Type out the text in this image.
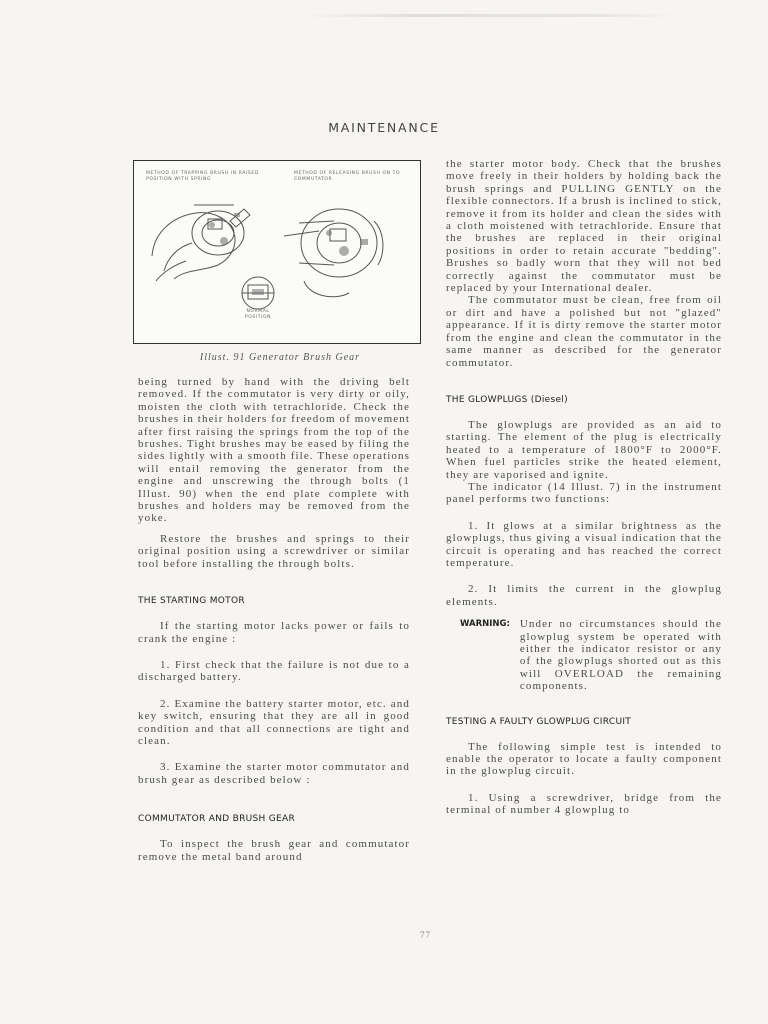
MAINTENANCE
METHOD OF TRAPPING BRUSH IN RAISED POSITION WITH SPRING
METHOD OF RELEASING BRUSH ON TO COMMUTATOR
NORMAL POSITION
Illust. 91 Generator Brush Gear

being turned by hand with the driving belt removed. If the commutator is very dirty or oily, moisten the cloth with tetrachloride. Check the brushes in their holders for freedom of movement after first raising the springs from the top of the brushes. Tight brushes may be eased by filing the sides lightly with a smooth file. These operations will entail removing the generator from the engine and unscrewing the through bolts (1 Illust. 90) when the end plate complete with brushes and holders may be removed from the yoke.

Restore the brushes and springs to their original position using a screwdriver or similar tool before installing the through bolts.

THE STARTING MOTOR

If the starting motor lacks power or fails to crank the engine :

1. First check that the failure is not due to a discharged battery.

2. Examine the battery starter motor, etc. and key switch, ensuring that they are all in good condition and that all connections are tight and clean.

3. Examine the starter motor commutator and brush gear as described below :

COMMUTATOR AND BRUSH GEAR

To inspect the brush gear and commutator remove the metal band around

the starter motor body. Check that the brushes move freely in their holders by holding back the brush springs and PULLING GENTLY on the flexible connectors. If a brush is inclined to stick, remove it from its holder and clean the sides with a cloth moistened with tetrachloride. Ensure that the brushes are replaced in their original positions in order to retain accurate "bedding". Brushes so badly worn that they will not bed correctly against the commutator must be replaced by your International dealer.

The commutator must be clean, free from oil or dirt and have a polished but not "glazed" appearance. If it is dirty remove the starter motor from the engine and clean the commutator in the same manner as described for the generator commutator.

THE GLOWPLUGS (Diesel)

The glowplugs are provided as an aid to starting. The element of the plug is electrically heated to a temperature of 1800°F to 2000°F. When fuel particles strike the heated element, they are vaporised and ignite.

The indicator (14 Illust. 7) in the instrument panel performs two functions:

1. It glows at a similar brightness as the glowplugs, thus giving a visual indication that the circuit is operating and has reached the correct temperature.

2. It limits the current in the glowplug elements.

WARNING: Under no circumstances should the glowplug system be operated with either the indicator resistor or any of the glowplugs shorted out as this will OVERLOAD the remaining components.

TESTING A FAULTY GLOWPLUG CIRCUIT

The following simple test is intended to enable the operator to locate a faulty component in the glowplug circuit.

1. Using a screwdriver, bridge from the terminal of number 4 glowplug to

77
